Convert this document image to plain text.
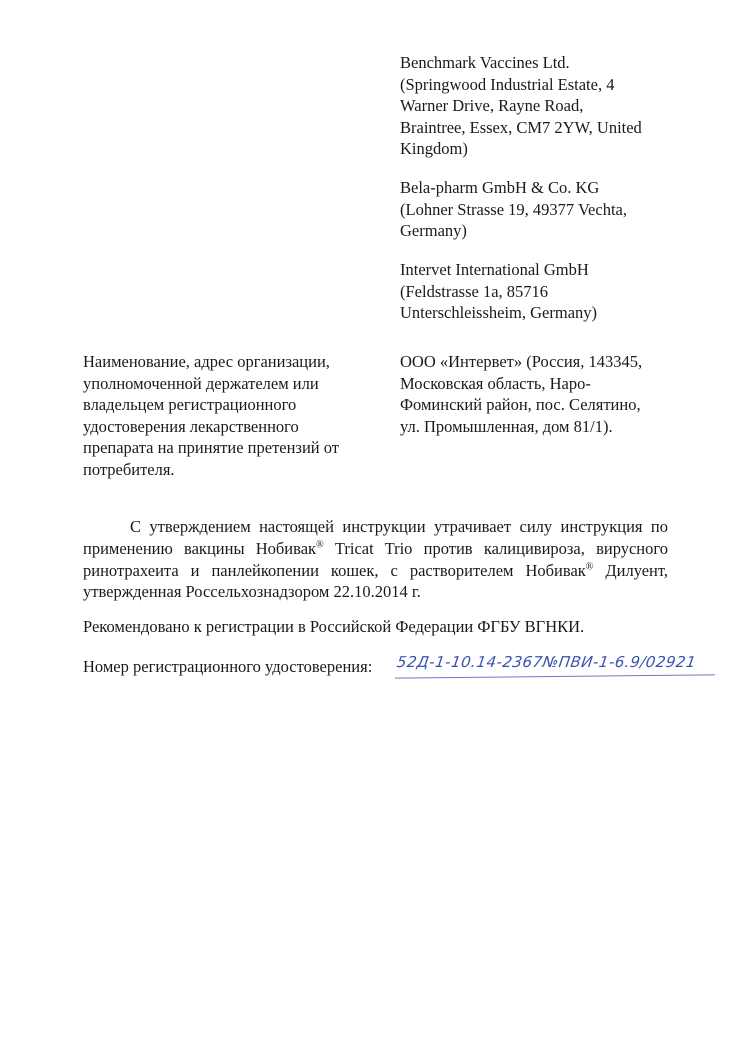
Benchmark Vaccines Ltd.
(Springwood Industrial Estate, 4
Warner Drive, Rayne Road,
Braintree, Essex, CM7 2YW, United
Kingdom)
Bela-pharm GmbH & Co. KG
(Lohner Strasse 19, 49377 Vechta,
Germany)
Intervet International GmbH
(Feldstrasse 1a, 85716
Unterschleissheim, Germany)
Наименование, адрес организации,
уполномоченной держателем или
владельцем регистрационного
удостоверения лекарственного
препарата на принятие претензий от
потребителя.
ООО «Интервет» (Россия, 143345,
Московская область, Наро-
Фоминский район, пос. Селятино,
ул. Промышленная, дом 81/1).
С утверждением настоящей инструкции утрачивает силу инструкция по
применению вакцины Нобивак® Tricat Trio против калицивироза, вирусного
ринотрахеита и панлейкопении кошек, с растворителем Нобивак® Дилуент,
утвержденная Россельхознадзором 22.10.2014 г.
Рекомендовано к регистрации в Российской Федерации ФГБУ ВГНКИ.
Номер регистрационного удостоверения: 52Д-1-10.14-2367№ПВИ-1-6.9/02921
